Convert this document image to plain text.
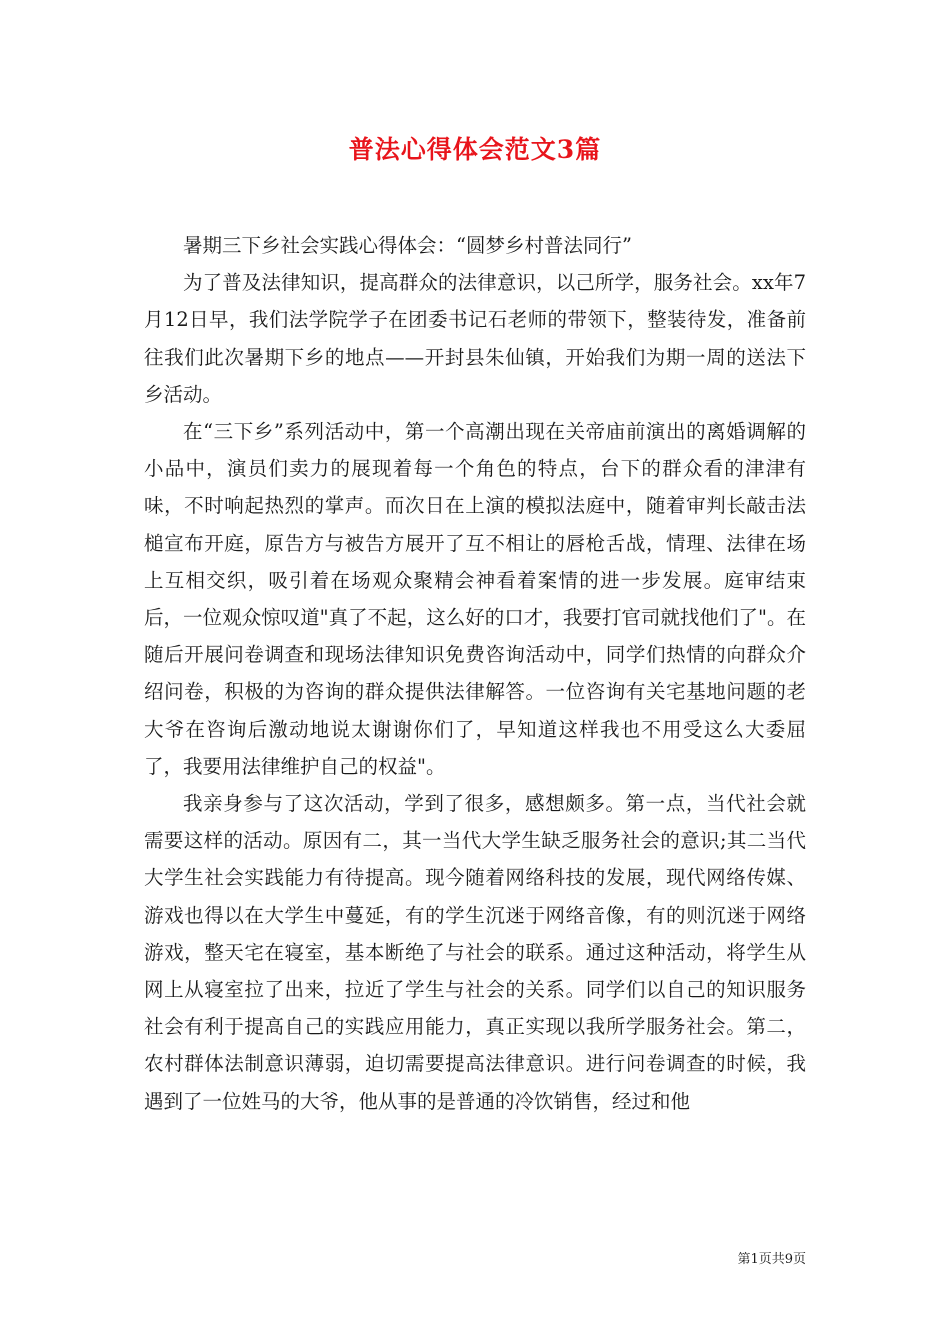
普法心得体会范文3篇

暑期三下乡社会实践心得体会：“圆梦乡村普法同行”

为了普及法律知识，提高群众的法律意识，以己所学，服务社会。xx年7月12日早，我们法学院学子在团委书记石老师的带领下，整装待发，准备前往我们此次暑期下乡的地点——开封县朱仙镇，开始我们为期一周的送法下乡活动。

在“三下乡”系列活动中，第一个高潮出现在关帝庙前演出的离婚调解的小品中，演员们卖力的展现着每一个角色的特点，台下的群众看的津津有味，不时响起热烈的掌声。而次日在上演的模拟法庭中，随着审判长敲击法槌宣布开庭，原告方与被告方展开了互不相让的唇枪舌战，情理、法律在场上互相交织，吸引着在场观众聚精会神看着案情的进一步发展。庭审结束后，一位观众惊叹道"真了不起，这么好的口才，我要打官司就找他们了"。在随后开展问卷调查和现场法律知识免费咨询活动中，同学们热情的向群众介绍问卷，积极的为咨询的群众提供法律解答。一位咨询有关宅基地问题的老大爷在咨询后激动地说太谢谢你们了，早知道这样我也不用受这么大委屈了，我要用法律维护自己的权益"。

我亲身参与了这次活动，学到了很多，感想颇多。第一点，当代社会就需要这样的活动。原因有二，其一当代大学生缺乏服务社会的意识;其二当代大学生社会实践能力有待提高。现今随着网络科技的发展，现代网络传媒、游戏也得以在大学生中蔓延，有的学生沉迷于网络音像，有的则沉迷于网络游戏，整天宅在寝室，基本断绝了与社会的联系。通过这种活动，将学生从网上从寝室拉了出来，拉近了学生与社会的关系。同学们以自己的知识服务社会有利于提高自己的实践应用能力，真正实现以我所学服务社会。第二，农村群体法制意识薄弱，迫切需要提高法律意识。进行问卷调查的时候，我遇到了一位姓马的大爷，他从事的是普通的冷饮销售，经过和他

第1页共9页
